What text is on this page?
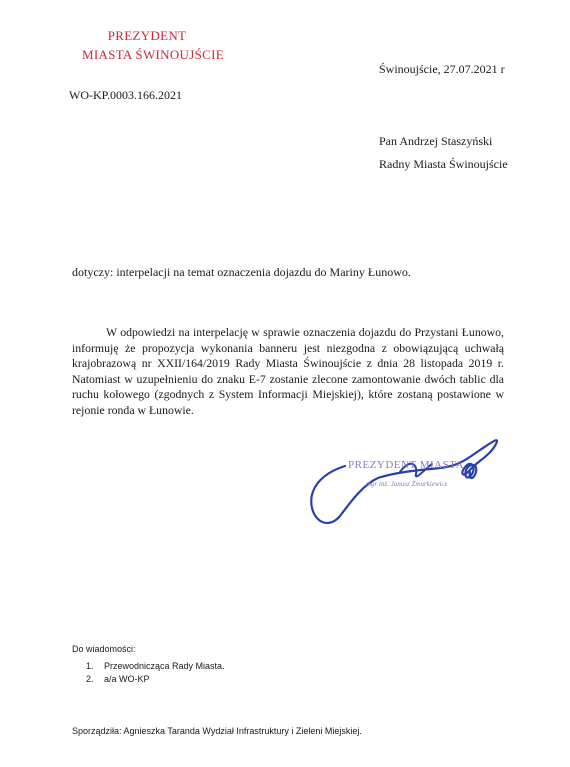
PREZYDENT
MIASTA ŚWINOUJŚCIE
Świnoujście, 27.07.2021 r
WO-KP.0003.166.2021
Pan Andrzej Staszyński
Radny Miasta Świnoujście
dotyczy: interpelacji na temat oznaczenia dojazdu do Mariny Łunowo.
W odpowiedzi na interpelację w sprawie oznaczenia dojazdu do Przystani Łunowo, informuję że propozycja wykonania banneru jest niezgodna z obowiązującą uchwałą krajobrazową nr XXII/164/2019 Rady Miasta Świnoujście z dnia 28 listopada 2019 r. Natomiast w uzupełnieniu do znaku E-7 zostanie zlecone zamontowanie dwóch tablic dla ruchu kołowego (zgodnych z System Informacji Miejskiej), które zostaną postawione w rejonie ronda w Łunowie.
PREZYDENT MIASTA
mgr inż. Janusz Żmurkiewicz
Do wiadomości:
1. Przewodnicząca Rady Miasta.
2. a/a WO-KP
Sporządziła: Agnieszka Taranda Wydział Infrastruktury i Zieleni Miejskiej.
